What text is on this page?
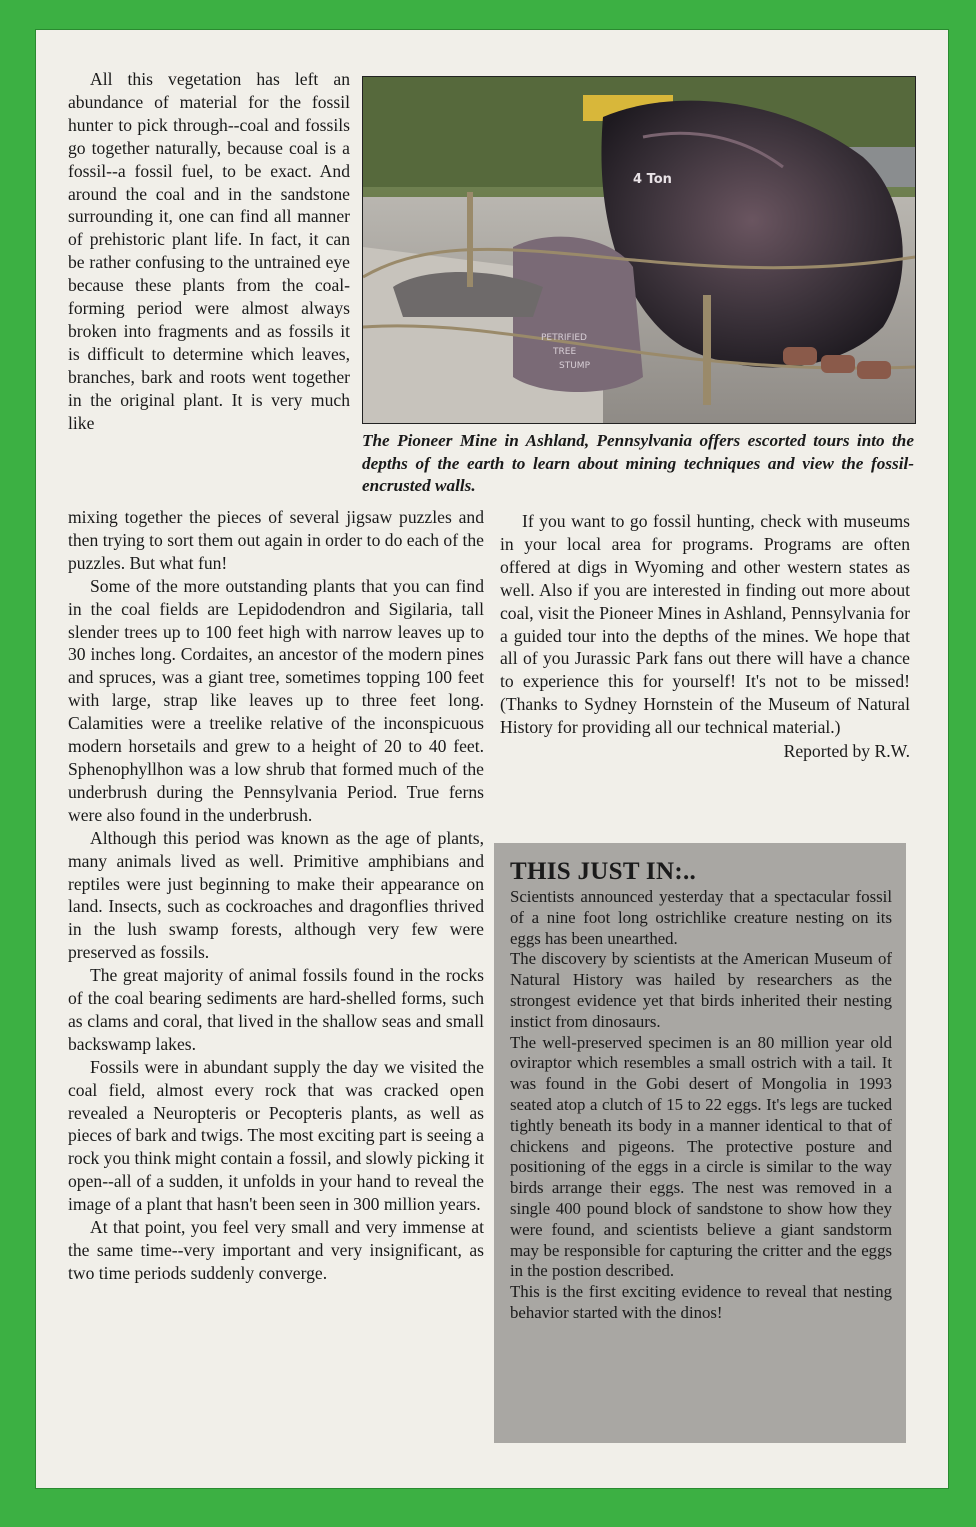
All this vegetation has left an abundance of material for the fossil hunter to pick through--coal and fossils go together naturally, because coal is a fossil--a fossil fuel, to be exact. And around the coal and in the sandstone surrounding it, one can find all manner of prehistoric plant life. In fact, it can be rather confusing to the untrained eye because these plants from the coal-forming period were almost always broken into fragments and as fossils it is difficult to determine which leaves, branches, bark and roots went together in the original plant. It is very much like

4 Ton
PETRIFIED
TREE
STUMP
The Pioneer Mine in Ashland, Pennsylvania offers escorted tours into the depths of the earth to learn about mining techniques and view the fossil-encrusted walls.

mixing together the pieces of several jigsaw puzzles and then trying to sort them out again in order to do each of the puzzles. But what fun!

Some of the more outstanding plants that you can find in the coal fields are Lepidodendron and Sigilaria, tall slender trees up to 100 feet high with narrow leaves up to 30 inches long. Cordaites, an ancestor of the modern pines and spruces, was a giant tree, sometimes topping 100 feet with large, strap like leaves up to three feet long. Calamities were a treelike relative of the inconspicuous modern horsetails and grew to a height of 20 to 40 feet. Sphenophyllhon was a low shrub that formed much of the underbrush during the Pennsylvania Period. True ferns were also found in the underbrush.

Although this period was known as the age of plants, many animals lived as well. Primitive amphibians and reptiles were just beginning to make their appearance on land. Insects, such as cockroaches and dragonflies thrived in the lush swamp forests, although very few were preserved as fossils.

The great majority of animal fossils found in the rocks of the coal bearing sediments are hard-shelled forms, such as clams and coral, that lived in the shallow seas and small backswamp lakes.

Fossils were in abundant supply the day we visited the coal field, almost every rock that was cracked open revealed a Neuropteris or Pecopteris plants, as well as pieces of bark and twigs. The most exciting part is seeing a rock you think might contain a fossil, and slowly picking it open--all of a sudden, it unfolds in your hand to reveal the image of a plant that hasn't been seen in 300 million years.

At that point, you feel very small and very immense at the same time--very important and very insignificant, as two time periods suddenly converge.

If you want to go fossil hunting, check with museums in your local area for programs. Programs are often offered at digs in Wyoming and other western states as well. Also if you are interested in finding out more about coal, visit the Pioneer Mines in Ashland, Pennsylvania for a guided tour into the depths of the mines. We hope that all of you Jurassic Park fans out there will have a chance to experience this for yourself! It's not to be missed! (Thanks to Sydney Hornstein of the Museum of Natural History for providing all our technical material.)

Reported by R.W.
THIS JUST IN:..

Scientists announced yesterday that a spectacular fossil of a nine foot long ostrichlike creature nesting on its eggs has been unearthed.

The discovery by scientists at the American Museum of Natural History was hailed by researchers as the strongest evidence yet that birds inherited their nesting instict from dinosaurs.

The well-preserved specimen is an 80 million year old oviraptor which resembles a small ostrich with a tail. It was found in the Gobi desert of Mongolia in 1993 seated atop a clutch of 15 to 22 eggs. It's legs are tucked tightly beneath its body in a manner identical to that of chickens and pigeons. The protective posture and positioning of the eggs in a circle is similar to the way birds arrange their eggs. The nest was removed in a single 400 pound block of sandstone to show how they were found, and scientists believe a giant sandstorm may be responsible for capturing the critter and the eggs in the postion described.

This is the first exciting evidence to reveal that nesting behavior started with the dinos!
